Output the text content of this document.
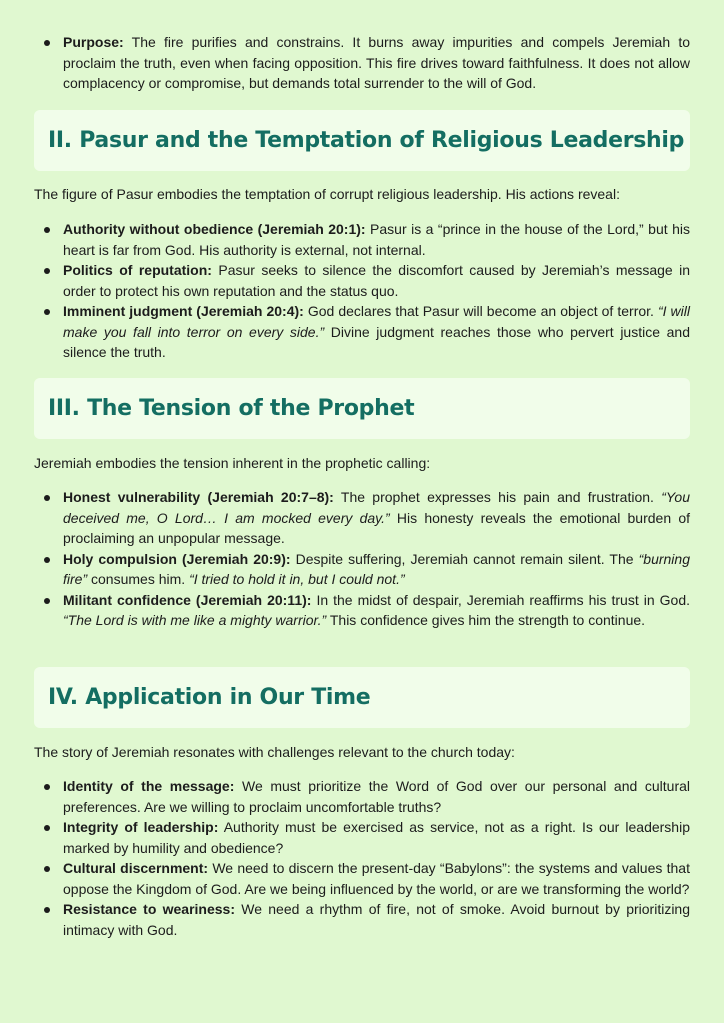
Purpose: The fire purifies and constrains. It burns away impurities and compels Jeremiah to proclaim the truth, even when facing opposition. This fire drives toward faithfulness. It does not allow complacency or compromise, but demands total surrender to the will of God.
II. Pasur and the Temptation of Religious Leadership

The figure of Pasur embodies the temptation of corrupt religious leadership. His actions reveal:

Authority without obedience (Jeremiah 20:1): Pasur is a “prince in the house of the Lord,” but his heart is far from God. His authority is external, not internal.
Politics of reputation: Pasur seeks to silence the discomfort caused by Jeremiah’s message in order to protect his own reputation and the status quo.
Imminent judgment (Jeremiah 20:4): God declares that Pasur will become an object of terror. “I will make you fall into terror on every side.” Divine judgment reaches those who pervert justice and silence the truth.
III. The Tension of the Prophet

Jeremiah embodies the tension inherent in the prophetic calling:

Honest vulnerability (Jeremiah 20:7–8): The prophet expresses his pain and frustration. “You deceived me, O Lord… I am mocked every day.” His honesty reveals the emotional burden of proclaiming an unpopular message.
Holy compulsion (Jeremiah 20:9): Despite suffering, Jeremiah cannot remain silent. The “burning fire” consumes him. “I tried to hold it in, but I could not.”
Militant confidence (Jeremiah 20:11): In the midst of despair, Jeremiah reaffirms his trust in God. “The Lord is with me like a mighty warrior.” This confidence gives him the strength to continue.
IV. Application in Our Time

The story of Jeremiah resonates with challenges relevant to the church today:

Identity of the message: We must prioritize the Word of God over our personal and cultural preferences. Are we willing to proclaim uncomfortable truths?
Integrity of leadership: Authority must be exercised as service, not as a right. Is our leadership marked by humility and obedience?
Cultural discernment: We need to discern the present-day “Babylons”: the systems and values that oppose the Kingdom of God. Are we being influenced by the world, or are we transforming the world?
Resistance to weariness: We need a rhythm of fire, not of smoke. Avoid burnout by prioritizing intimacy with God.
